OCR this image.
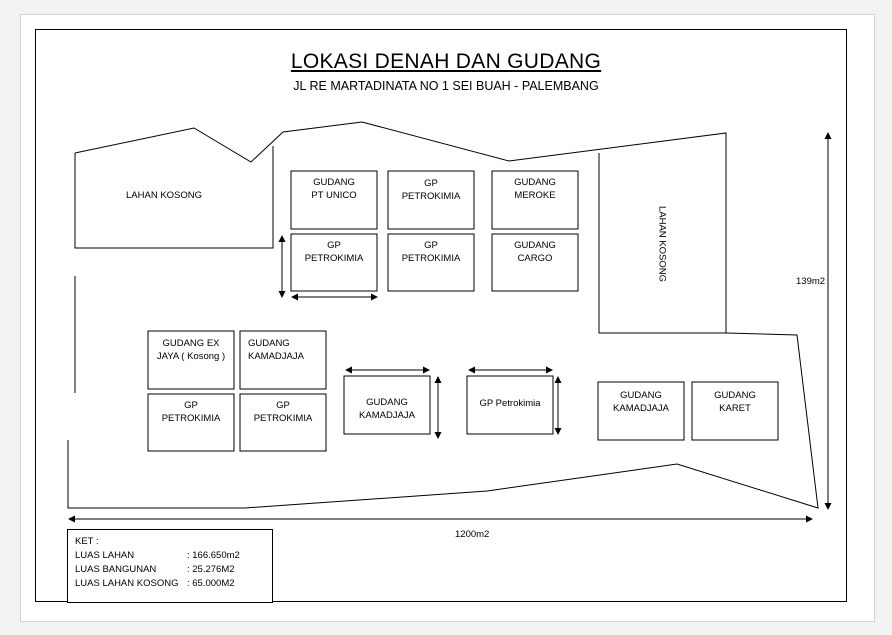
LOKASI DENAH DAN GUDANG
JL RE MARTADINATA NO 1 SEI BUAH - PALEMBANG
LAHAN KOSONG
LAHAN KOSONG
GUDANG
PT UNICO
GP
PETROKIMIA
GUDANG
MEROKE
GP
PETROKIMIA
GP
PETROKIMIA
GUDANG
CARGO
GUDANG EX
JAYA ( Kosong )
GUDANG
KAMADJAJA
GP
PETROKIMIA
GP
PETROKIMIA
GUDANG
KAMADJAJA
GP Petrokimia
GUDANG
KAMADJAJA
GUDANG
KARET
1200m2
139m2
KET :
LUAS LAHAN	: 166.650m2
LUAS BANGUNAN	: 25.276M2
LUAS LAHAN KOSONG : 65.000M2
